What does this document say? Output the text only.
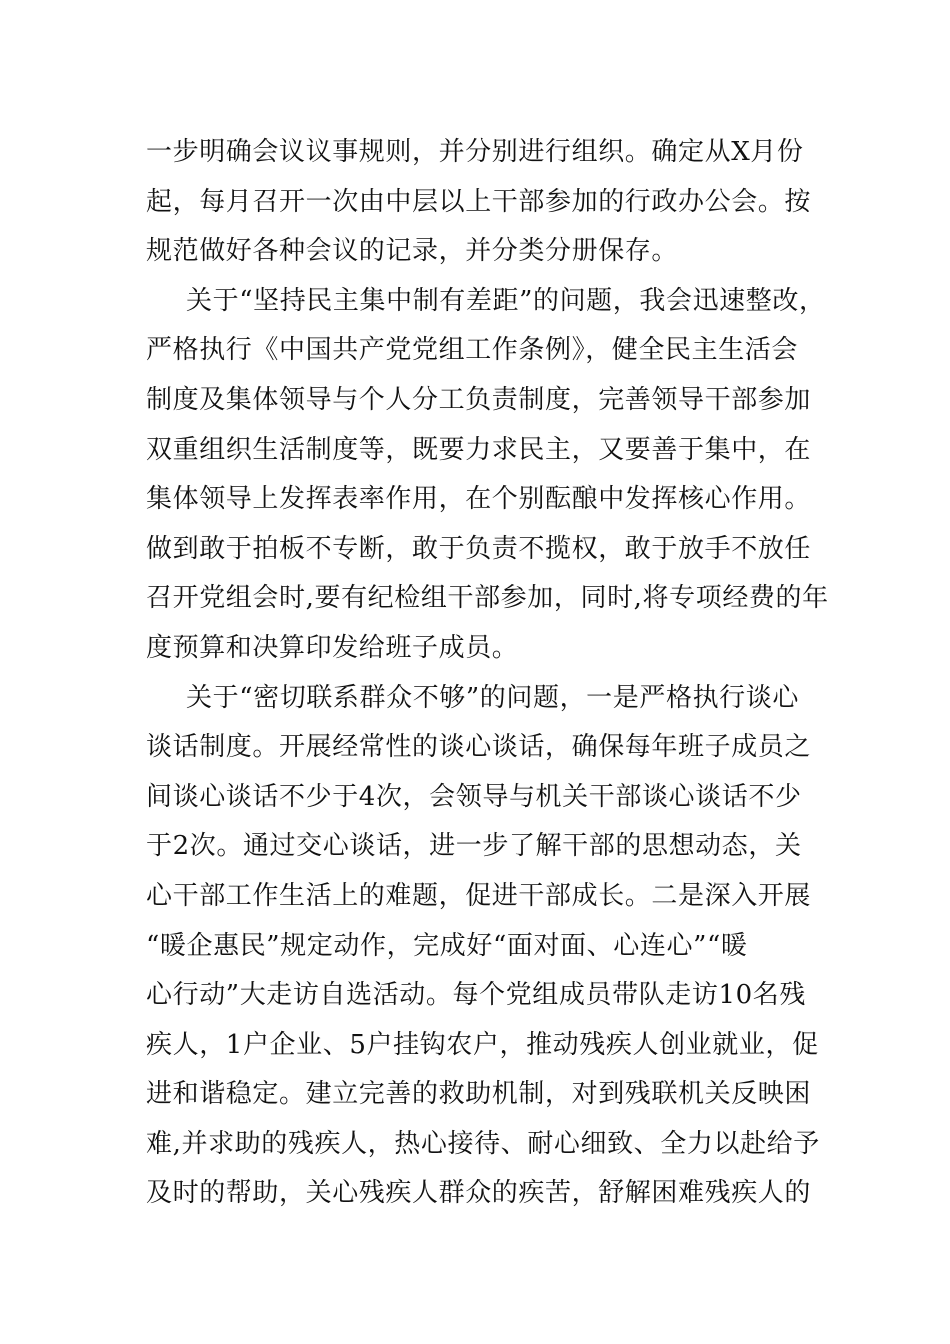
一步明确会议议事规则，并分别进行组织。确定从X月份
起，每月召开一次由中层以上干部参加的行政办公会。按
规范做好各种会议的记录，并分类分册保存。
关于“坚持民主集中制有差距”的问题，我会迅速整改，
严格执行《中国共产党党组工作条例》，健全民主生活会
制度及集体领导与个人分工负责制度，完善领导干部参加
双重组织生活制度等，既要力求民主，又要善于集中，在
集体领导上发挥表率作用，在个别酝酿中发挥核心作用。
做到敢于拍板不专断，敢于负责不揽权，敢于放手不放任
召开党组会时,要有纪检组干部参加，同时,将专项经费的年
度预算和决算印发给班子成员。
关于“密切联系群众不够”的问题，一是严格执行谈心
谈话制度。开展经常性的谈心谈话，确保每年班子成员之
间谈心谈话不少于4次，会领导与机关干部谈心谈话不少
于2次。通过交心谈话，进一步了解干部的思想动态，关
心干部工作生活上的难题，促进干部成长。二是深入开展
“暖企惠民”规定动作，完成好“面对面、心连心”“暖
心行动”大走访自选活动。每个党组成员带队走访10名残
疾人，1户企业、5户挂钩农户，推动残疾人创业就业，促
进和谐稳定。建立完善的救助机制，对到残联机关反映困
难,并求助的残疾人，热心接待、耐心细致、全力以赴给予
及时的帮助，关心残疾人群众的疾苦，舒解困难残疾人的
